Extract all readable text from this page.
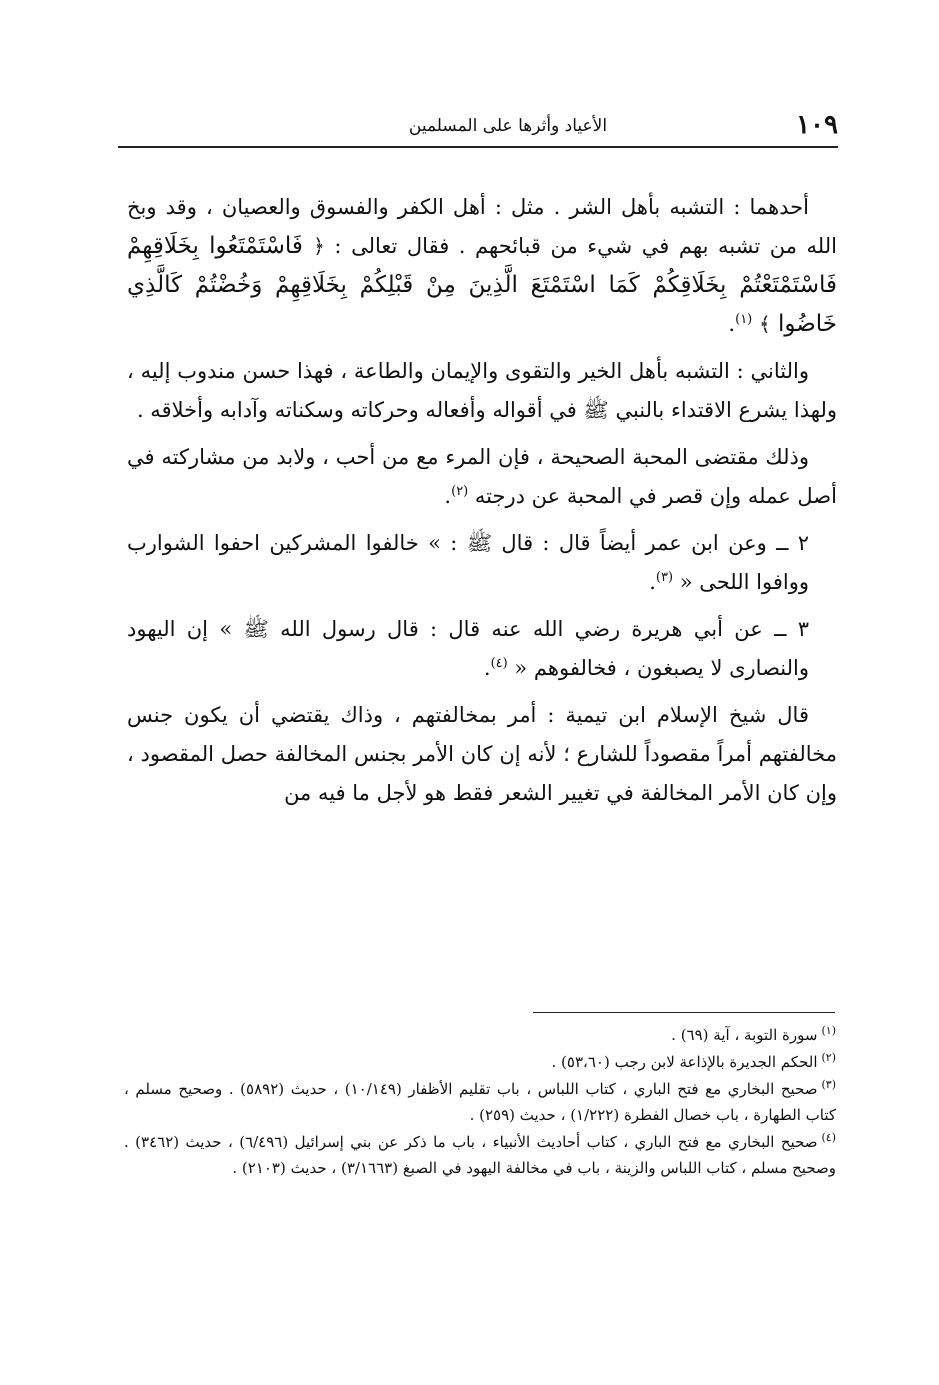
١٠٩
الأعياد وأثرها على المسلمين

أحدهما : التشبه بأهل الشر . مثل : أهل الكفر والفسوق والعصيان ، وقد وبخ الله من تشبه بهم في شيء من قبائحهم . فقال تعالى : ﴿ فَاسْتَمْتَعُوا بِخَلَاقِهِمْ فَاسْتَمْتَعْتُمْ بِخَلَاقِكُمْ كَمَا اسْتَمْتَعَ الَّذِينَ مِنْ قَبْلِكُمْ بِخَلَاقِهِمْ وَخُضْتُمْ كَالَّذِي خَاضُوا ﴾ $^{(١)}$.

والثاني : التشبه بأهل الخير والتقوى والإيمان والطاعة ، فهذا حسن مندوب إليه ، ولهذا يشرع الاقتداء بالنبي ﷺ في أقواله وأفعاله وحركاته وسكناته وآدابه وأخلاقه .

وذلك مقتضى المحبة الصحيحة ، فإن المرء مع من أحب ، ولابد من مشاركته في أصل عمله وإن قصر في المحبة عن درجته $^{(٢)}$.

٢ ــ وعن ابن عمر أيضاً قال : قال ﷺ : » خالفوا المشركين احفوا الشوارب ووافوا اللحى « $^{(٣)}$.

٣ ــ عن أبي هريرة رضي الله عنه قال : قال رسول الله ﷺ » إن اليهود والنصارى لا يصبغون ، فخالفوهم « $^{(٤)}$.

قال شيخ الإسلام ابن تيمية : أمر بمخالفتهم ، وذاك يقتضي أن يكون جنس مخالفتهم أمراً مقصوداً للشارع ؛ لأنه إن كان الأمر بجنس المخالفة حصل المقصود ، وإن كان الأمر المخالفة في تغيير الشعر فقط هو لأجل ما فيه من

$^{(١)}$سورة التوبة ، آية (٦٩) .
$^{(٢)}$الحكم الجديرة بالإذاعة لابن رجب (٥٣،٦٠) .
$^{(٣)}$صحيح البخاري مع فتح الباري ، كتاب اللباس ، باب تقليم الأظفار (١٠/١٤٩) ، حديث (٥٨٩٢) . وصحيح مسلم ، كتاب الطهارة ، باب خصال الفطرة (١/٢٢٢) ، حديث (٢٥٩) .
$^{(٤)}$صحيح البخاري مع فتح الباري ، كتاب أحاديث الأنبياء ، باب ما ذكر عن بني إسرائيل (٦/٤٩٦) ، حديث (٣٤٦٢) . وصحيح مسلم ، كتاب اللباس والزينة ، باب في مخالفة اليهود في الصبغ (٣/١٦٦٣) ، حديث (٢١٠٣) .
